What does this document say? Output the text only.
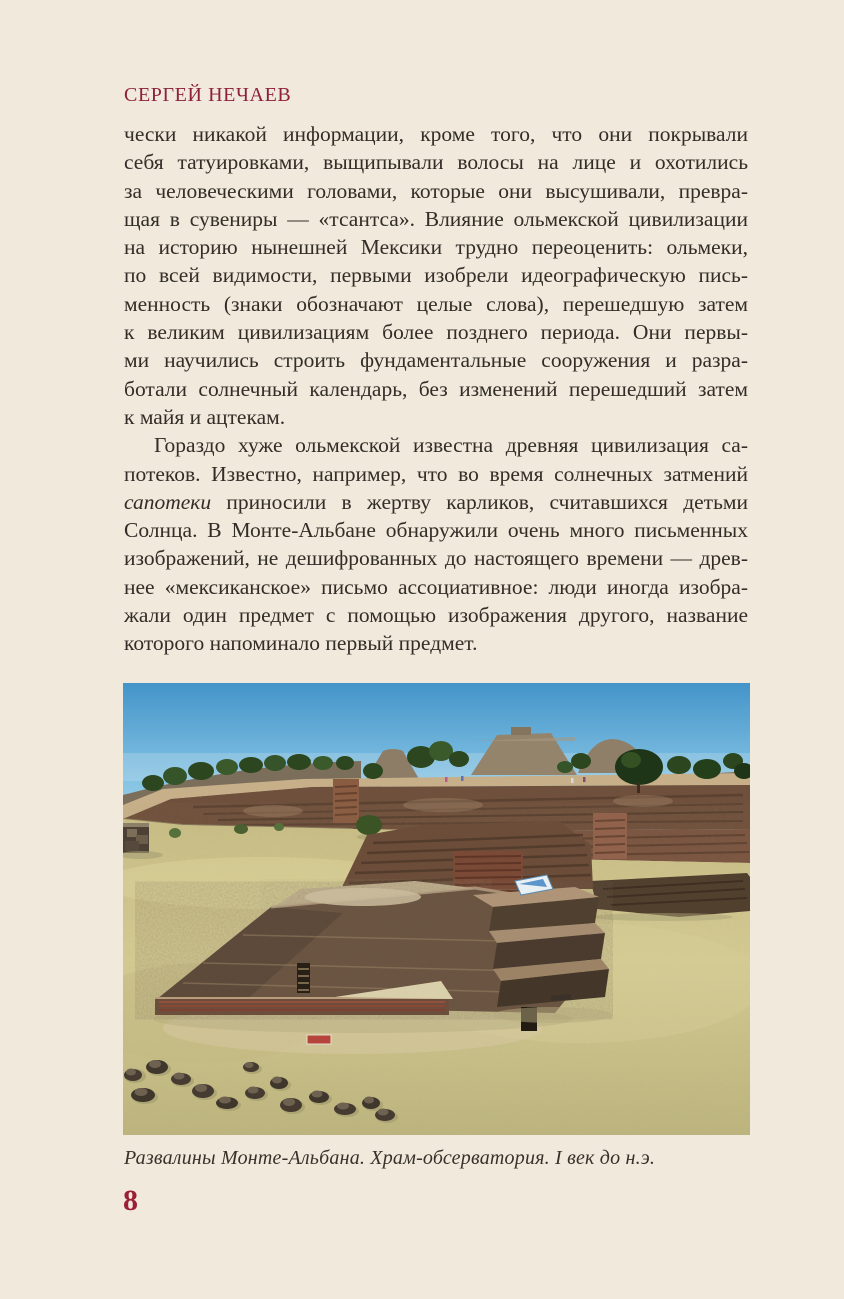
СЕРГЕЙ НЕЧАЕВ
чески никакой информации, кроме того, что они покрывали
себя татуировками, выщипывали волосы на лице и охотились
за человеческими головами, которые они высушивали, превра-
щая в сувениры — «тсантса». Влияние ольмекской цивилизации
на историю нынешней Мексики трудно переоценить: ольмеки,
по всей видимости, первыми изобрели идеографическую пись-
менность (знаки обозначают целые слова), перешедшую затем
к великим цивилизациям более позднего периода. Они первы-
ми научились строить фундаментальные сооружения и разра-
ботали солнечный календарь, без изменений перешедший затем
к майя и ацтекам.
Гораздо хуже ольмекской известна древняя цивилизация са-
потеков. Известно, например, что во время солнечных затмений
сапотеки приносили в жертву карликов, считавшихся детьми
Солнца. В Монте-Альбане обнаружили очень много письменных
изображений, не дешифрованных до настоящего времени — древ-
нее «мексиканское» письмо ассоциативное: люди иногда изобра-
жали один предмет с помощью изображения другого, название
которого напоминало первый предмет.
Развалины Монте-Альбана. Храм-обсерватория. I век до н.э.
8
